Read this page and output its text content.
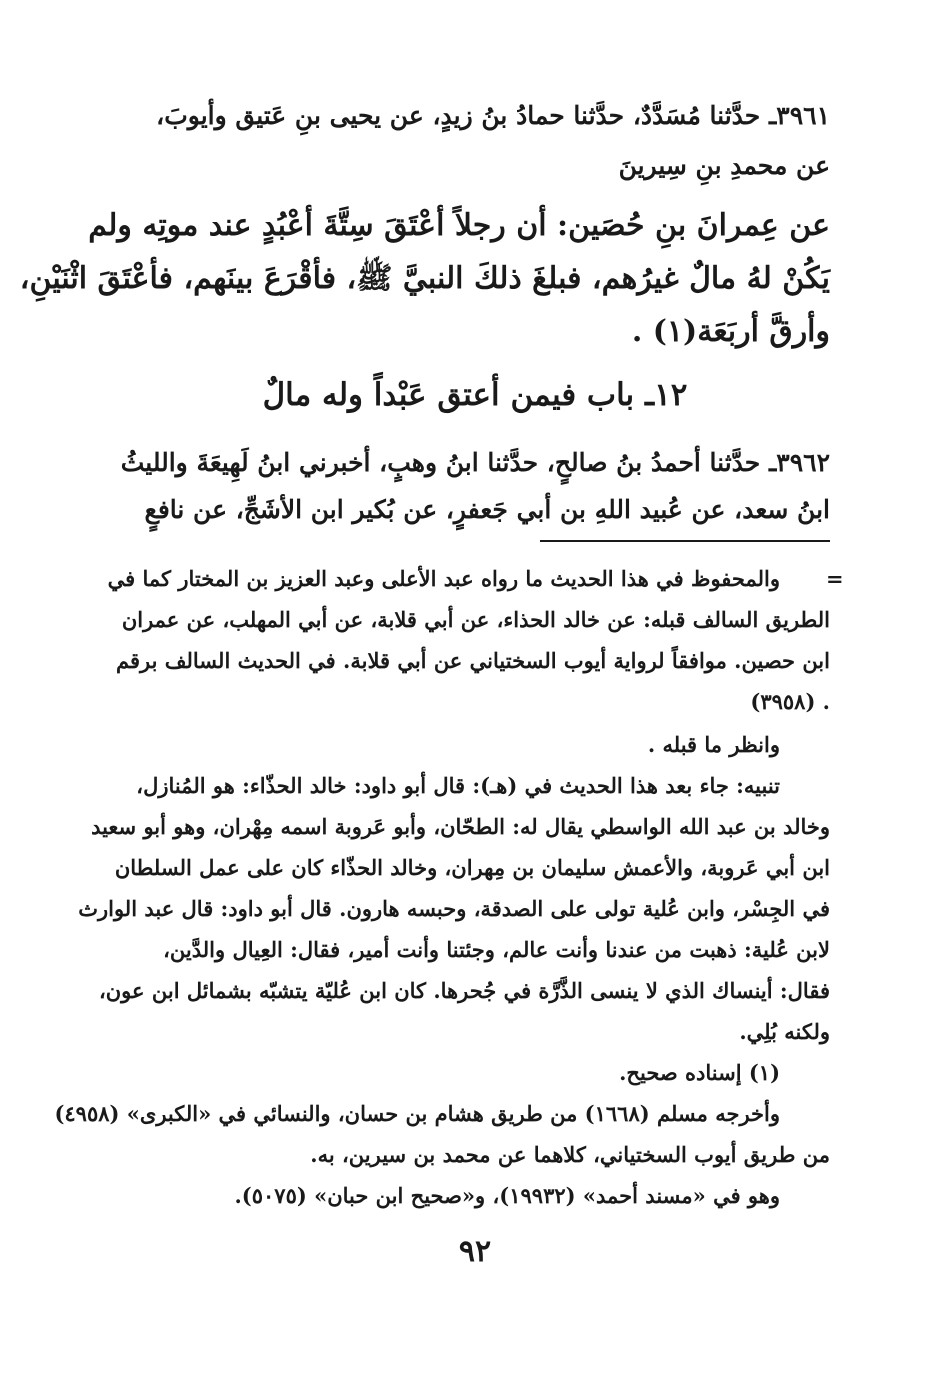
٣٩٦١ـ حدَّثنا مُسَدَّدٌ، حدَّثنا حمادُ بنُ زيدٍ، عن يحيى بنِ عَتيق وأيوبَ،
عن محمدِ بنِ سِيرينَ
عن عِمرانَ بنِ حُصَين: أن رجلاً أعْتَقَ سِتَّةَ أعْبُدٍ عند موتِه ولم
يَكُنْ لهُ مالٌ غيرُهم، فبلغَ ذلكَ النبيَّ ﷺ، فأقْرَعَ بينَهم، فأعْتَقَ اثْنَيْنِ،
وأرقَّ أربَعَة(١) .
١٢ـ باب فيمن أعتق عَبْداً وله مالٌ
٣٩٦٢ـ حدَّثنا أحمدُ بنُ صالحٍ، حدَّثنا ابنُ وهبٍ، أخبرني ابنُ لَهِيعَةَ والليثُ
ابنُ سعد، عن عُبيد اللهِ بن أبي جَعفرٍ، عن بُكير ابن الأشَجِّ، عن نافعٍ
=
والمحفوظ في هذا الحديث ما رواه عبد الأعلى وعبد العزيز بن المختار كما في
الطريق السالف قبله: عن خالد الحذاء، عن أبي قلابة، عن أبي المهلب، عن عمران
ابن حصين. موافقاً لرواية أيوب السختياني عن أبي قلابة. في الحديث السالف برقم
(٣٩٥٨) .
وانظر ما قبله .
تنبيه: جاء بعد هذا الحديث في (هـ): قال أبو داود: خالد الحذّاء: هو المُنازل،
وخالد بن عبد الله الواسطي يقال له: الطحّان، وأبو عَروبة اسمه مِهْران، وهو أبو سعيد
ابن أبي عَروبة، والأعمش سليمان بن مِهران، وخالد الحذّاء كان على عمل السلطان
في الجِسْر، وابن عُلية تولى على الصدقة، وحبسه هارون. قال أبو داود: قال عبد الوارث
لابن عُلية: ذهبت من عندنا وأنت عالم، وجئتنا وأنت أمير، فقال: العِيال والدَّين،
فقال: أينساك الذي لا ينسى الذَّرَّة في جُحرها. كان ابن عُليّة يتشبّه بشمائل ابن عون،
ولكنه بُلِي.
(١) إسناده صحيح.
وأخرجه مسلم (١٦٦٨) من طريق هشام بن حسان، والنسائي في «الكبرى» (٤٩٥٨)
من طريق أيوب السختياني، كلاهما عن محمد بن سيرين، به.
وهو في «مسند أحمد» (١٩٩٣٢)، و«صحيح ابن حبان» (٥٠٧٥).
٩٢
